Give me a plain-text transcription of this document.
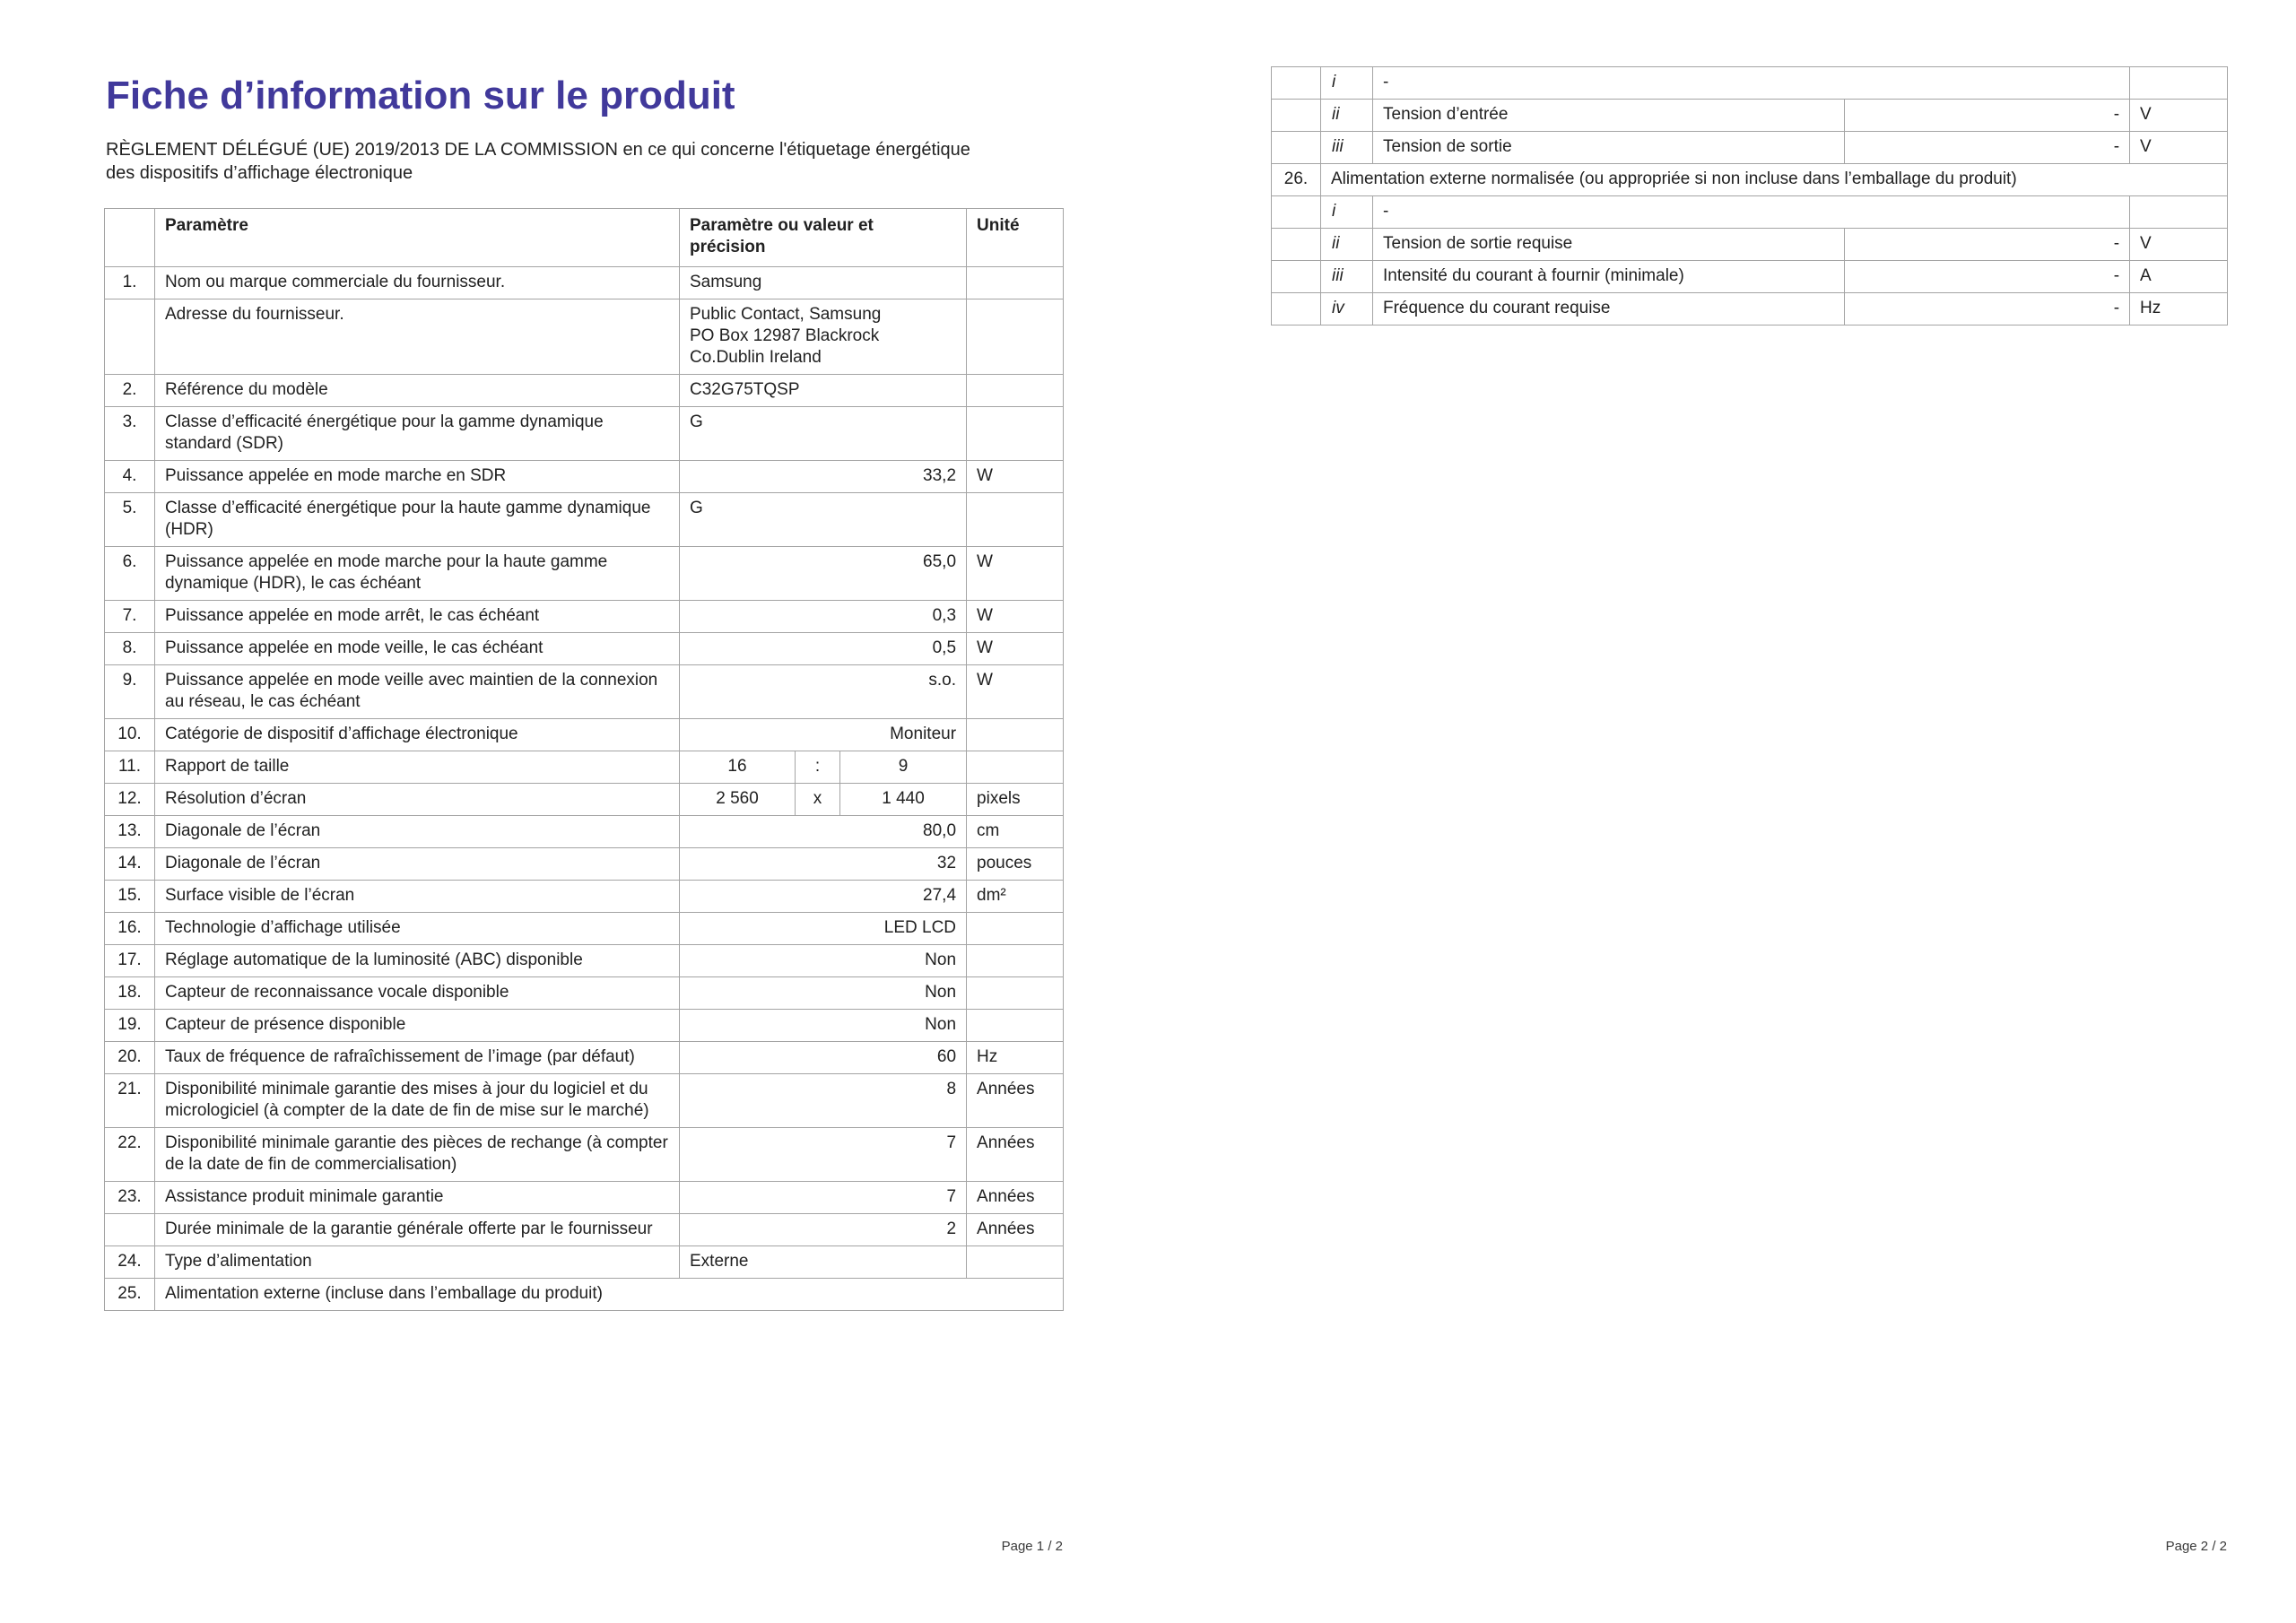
Fiche d’information sur le produit

RÈGLEMENT DÉLÉGUÉ (UE) 2019/2013 DE LA COMMISSION en ce qui concerne l'étiquetage énergétique des dispositifs d’affichage électronique

	Paramètre	Paramètre ou valeur et précision			Unité
1.	Nom ou marque commerciale du fournisseur.	Samsung			
	Adresse du fournisseur.	Public Contact, Samsung
PO Box 12987 Blackrock
Co.Dublin Ireland			
2.	Référence du modèle	C32G75TQSP			
3.	Classe d’efficacité énergétique pour la gamme dynamique standard (SDR)	G			
4.	Puissance appelée en mode marche en SDR	33,2			W
5.	Classe d’efficacité énergétique pour la haute gamme dynamique (HDR)	G			
6.	Puissance appelée en mode marche pour la haute gamme dynamique (HDR), le cas échéant	65,0			W
7.	Puissance appelée en mode arrêt, le cas échéant	0,3			W
8.	Puissance appelée en mode veille, le cas échéant	0,5			W
9.	Puissance appelée en mode veille avec maintien de la connexion au réseau, le cas échéant	s.o.			W
10.	Catégorie de dispositif d’affichage électronique	Moniteur			
11.	Rapport de taille	16	:	9	
12.	Résolution d’écran	2 560	x	1 440	pixels
13.	Diagonale de l’écran	80,0			cm
14.	Diagonale de l’écran	32			pouces
15.	Surface visible de l’écran	27,4			dm²
16.	Technologie d’affichage utilisée	LED LCD			
17.	Réglage automatique de la luminosité (ABC) disponible	Non			
18.	Capteur de reconnaissance vocale disponible	Non			
19.	Capteur de présence disponible	Non			
20.	Taux de fréquence de rafraîchissement de l’image (par défaut)	60			Hz
21.	Disponibilité minimale garantie des mises à jour du logiciel et du micrologiciel (à compter de la date de fin de mise sur le marché)	8			Années
22.	Disponibilité minimale garantie des pièces de rechange (à compter de la date de fin de commercialisation)	7			Années
23.	Assistance produit minimale garantie	7			Années
	Durée minimale de la garantie générale offerte par le fournisseur	2			Années
24.	Type d’alimentation	Externe			
25.	Alimentation externe (incluse dans l’emballage du produit)				
	i	-		
	ii	Tension d’entrée	-	V
	iii	Tension de sortie	-	V
26.	Alimentation externe normalisée (ou appropriée si non incluse dans l’emballage du produit)			
	i	-		
	ii	Tension de sortie requise	-	V
	iii	Intensité du courant à fournir (minimale)	-	A
	iv	Fréquence du courant requise	-	Hz
Page 1 / 2	Page 2 / 2
